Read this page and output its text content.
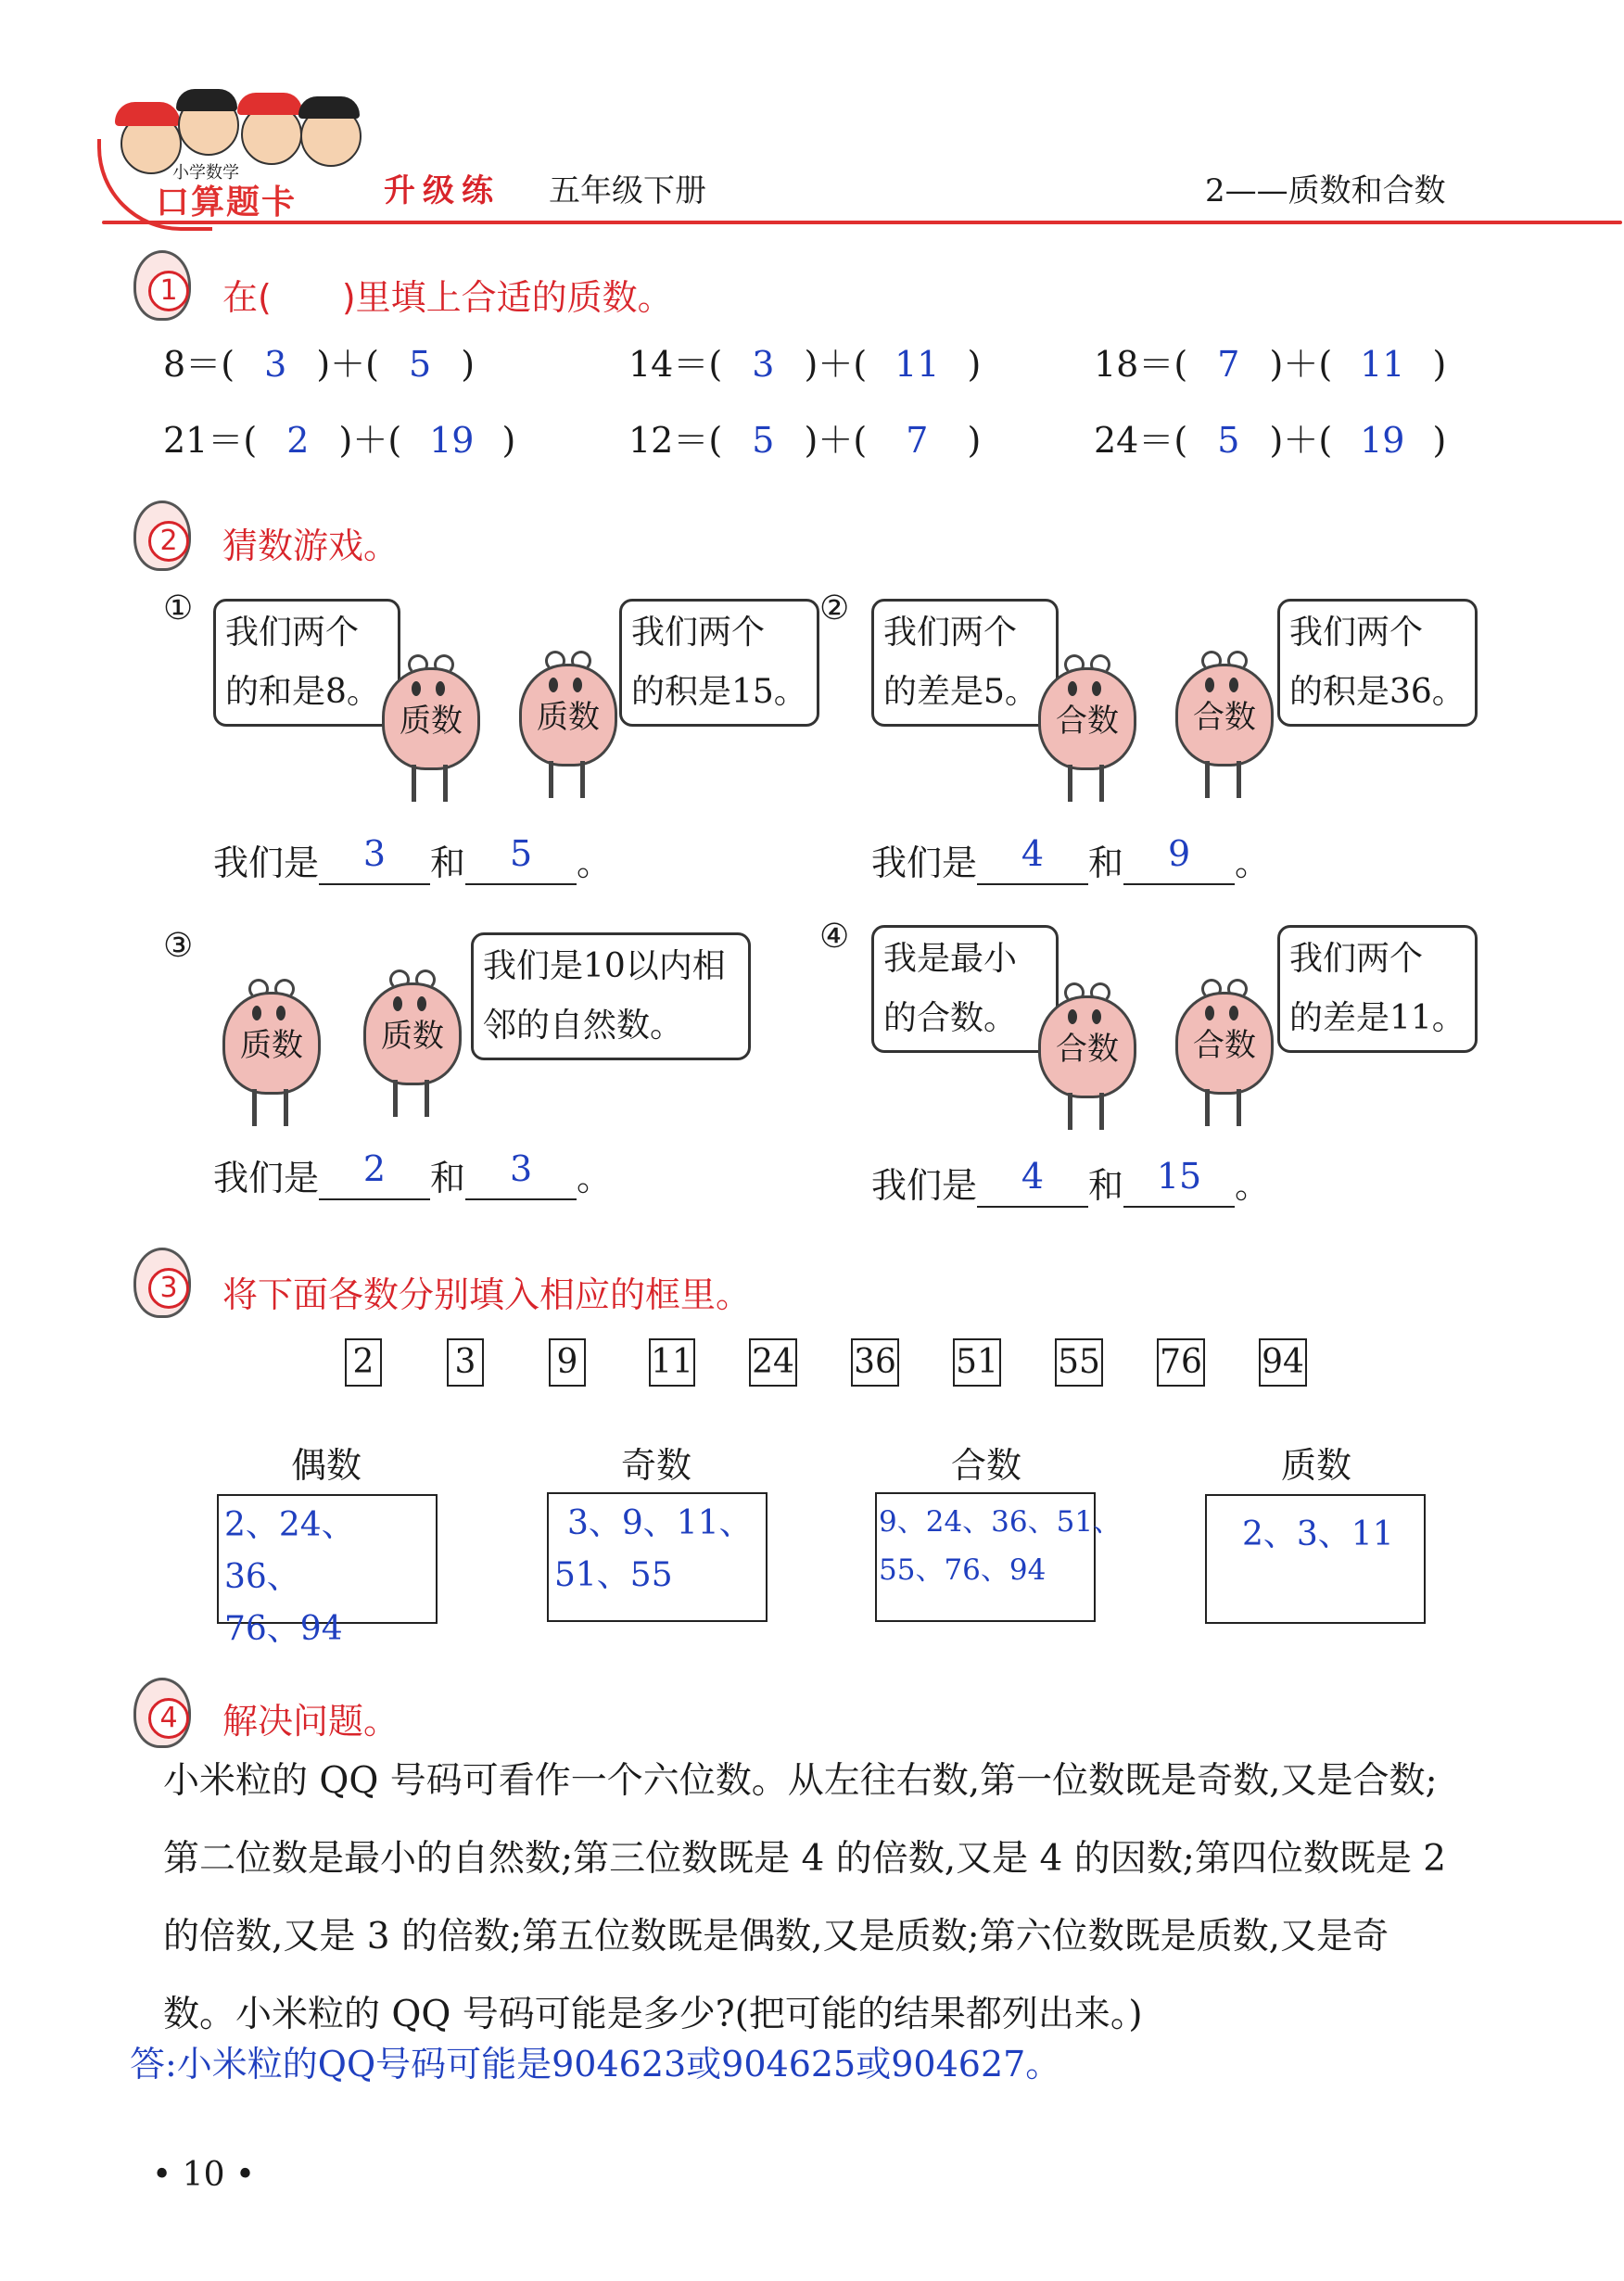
小学数学
口算题卡	升级练 五年级下册	2——质数和合数
1	在(　　)里填上合适的质数。
8＝(  3  )＋(  5  )	14＝(  3  )＋(  11  )	18＝(  7  )＋(  11  )
21＝(  2  )＋(  19  )	12＝(  5  )＋(  7  )	24＝(  5  )＋(  19  )
2	猜数游戏。
①
我们两个
的和是8。
我们两个
的积是15。
质数	质数
我们是 3 和 5 。
②
我们两个
的差是5。
我们两个
的积是36。
合数	合数
我们是 4 和 9 。
③
质数	质数
我们是10以内相
邻的自然数。
我们是 2 和 3 。
④
我是最小
的合数。
我们两个
的差是11。
合数	合数
我们是 4 和 15 。
3	将下面各数分别填入相应的框里。
2 3 9 11 24 36 51 55 76 94
偶数	奇数	合数	质数
2、24、36、
76、94
3、9、11、
51、55
9、24、36、51、
55、76、94
2、3、11
4	解决问题。
小米粒的 QQ 号码可看作一个六位数。从左往右数,第一位数既是奇数,又是合数;
第二位数是最小的自然数;第三位数既是 4 的倍数,又是 4 的因数;第四位数既是 2
的倍数,又是 3 的倍数;第五位数既是偶数,又是质数;第六位数既是质数,又是奇
数。小米粒的 QQ 号码可能是多少?(把可能的结果都列出来。)
答:小米粒的QQ号码可能是904623或904625或904627。
• 10 •
